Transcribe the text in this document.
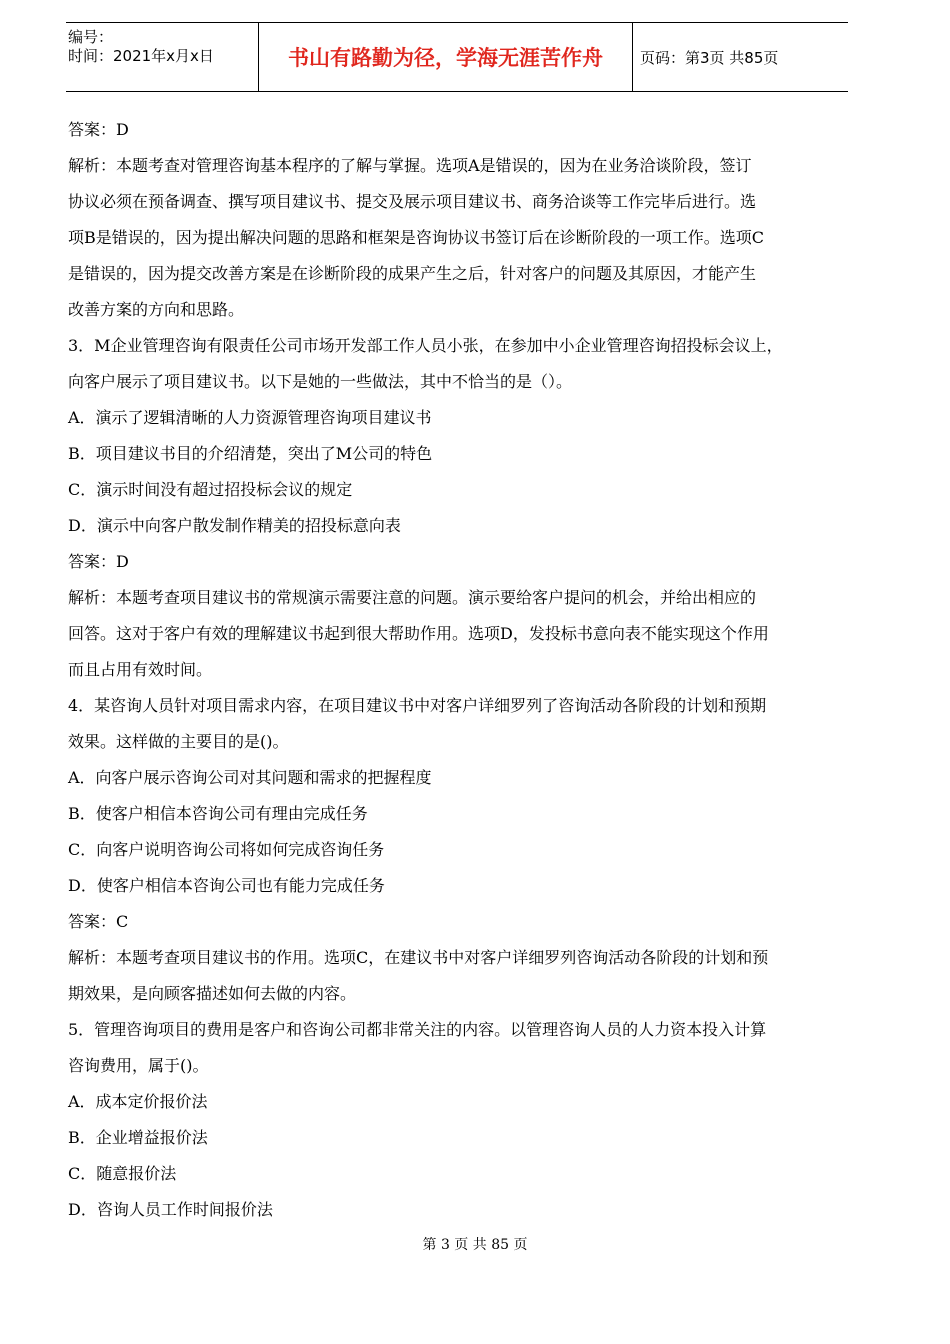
编号：
时间：2021年x月x日	书山有路勤为径，学海无涯苦作舟	页码：第3页 共85页
答案：D
解析：本题考查对管理咨询基本程序的了解与掌握。选项A是错误的，因为在业务洽谈阶段，签订
协议必须在预备调查、撰写项目建议书、提交及展示项目建议书、商务洽谈等工作完毕后进行。选
项B是错误的，因为提出解决问题的思路和框架是咨询协议书签订后在诊断阶段的一项工作。选项C
是错误的，因为提交改善方案是在诊断阶段的成果产生之后，针对客户的问题及其原因，才能产生
改善方案的方向和思路。
3．M企业管理咨询有限责任公司市场开发部工作人员小张，在参加中小企业管理咨询招投标会议上，
向客户展示了项目建议书。以下是她的一些做法，其中不恰当的是（）。
A．演示了逻辑清晰的人力资源管理咨询项目建议书
B．项目建议书目的介绍清楚，突出了M公司的特色
C．演示时间没有超过招投标会议的规定
D．演示中向客户散发制作精美的招投标意向表
答案：D
解析：本题考查项目建议书的常规演示需要注意的问题。演示要给客户提问的机会，并给出相应的
回答。这对于客户有效的理解建议书起到很大帮助作用。选项D，发投标书意向表不能实现这个作用
而且占用有效时间。
4．某咨询人员针对项目需求内容，在项目建议书中对客户详细罗列了咨询活动各阶段的计划和预期
效果。这样做的主要目的是()。
A．向客户展示咨询公司对其问题和需求的把握程度
B．使客户相信本咨询公司有理由完成任务
C．向客户说明咨询公司将如何完成咨询任务
D．使客户相信本咨询公司也有能力完成任务
答案：C
解析：本题考查项目建议书的作用。选项C，在建议书中对客户详细罗列咨询活动各阶段的计划和预
期效果，是向顾客描述如何去做的内容。
5．管理咨询项目的费用是客户和咨询公司都非常关注的内容。以管理咨询人员的人力资本投入计算
咨询费用，属于()。
A．成本定价报价法
B．企业增益报价法
C．随意报价法
D．咨询人员工作时间报价法
第 3 页 共 85 页
